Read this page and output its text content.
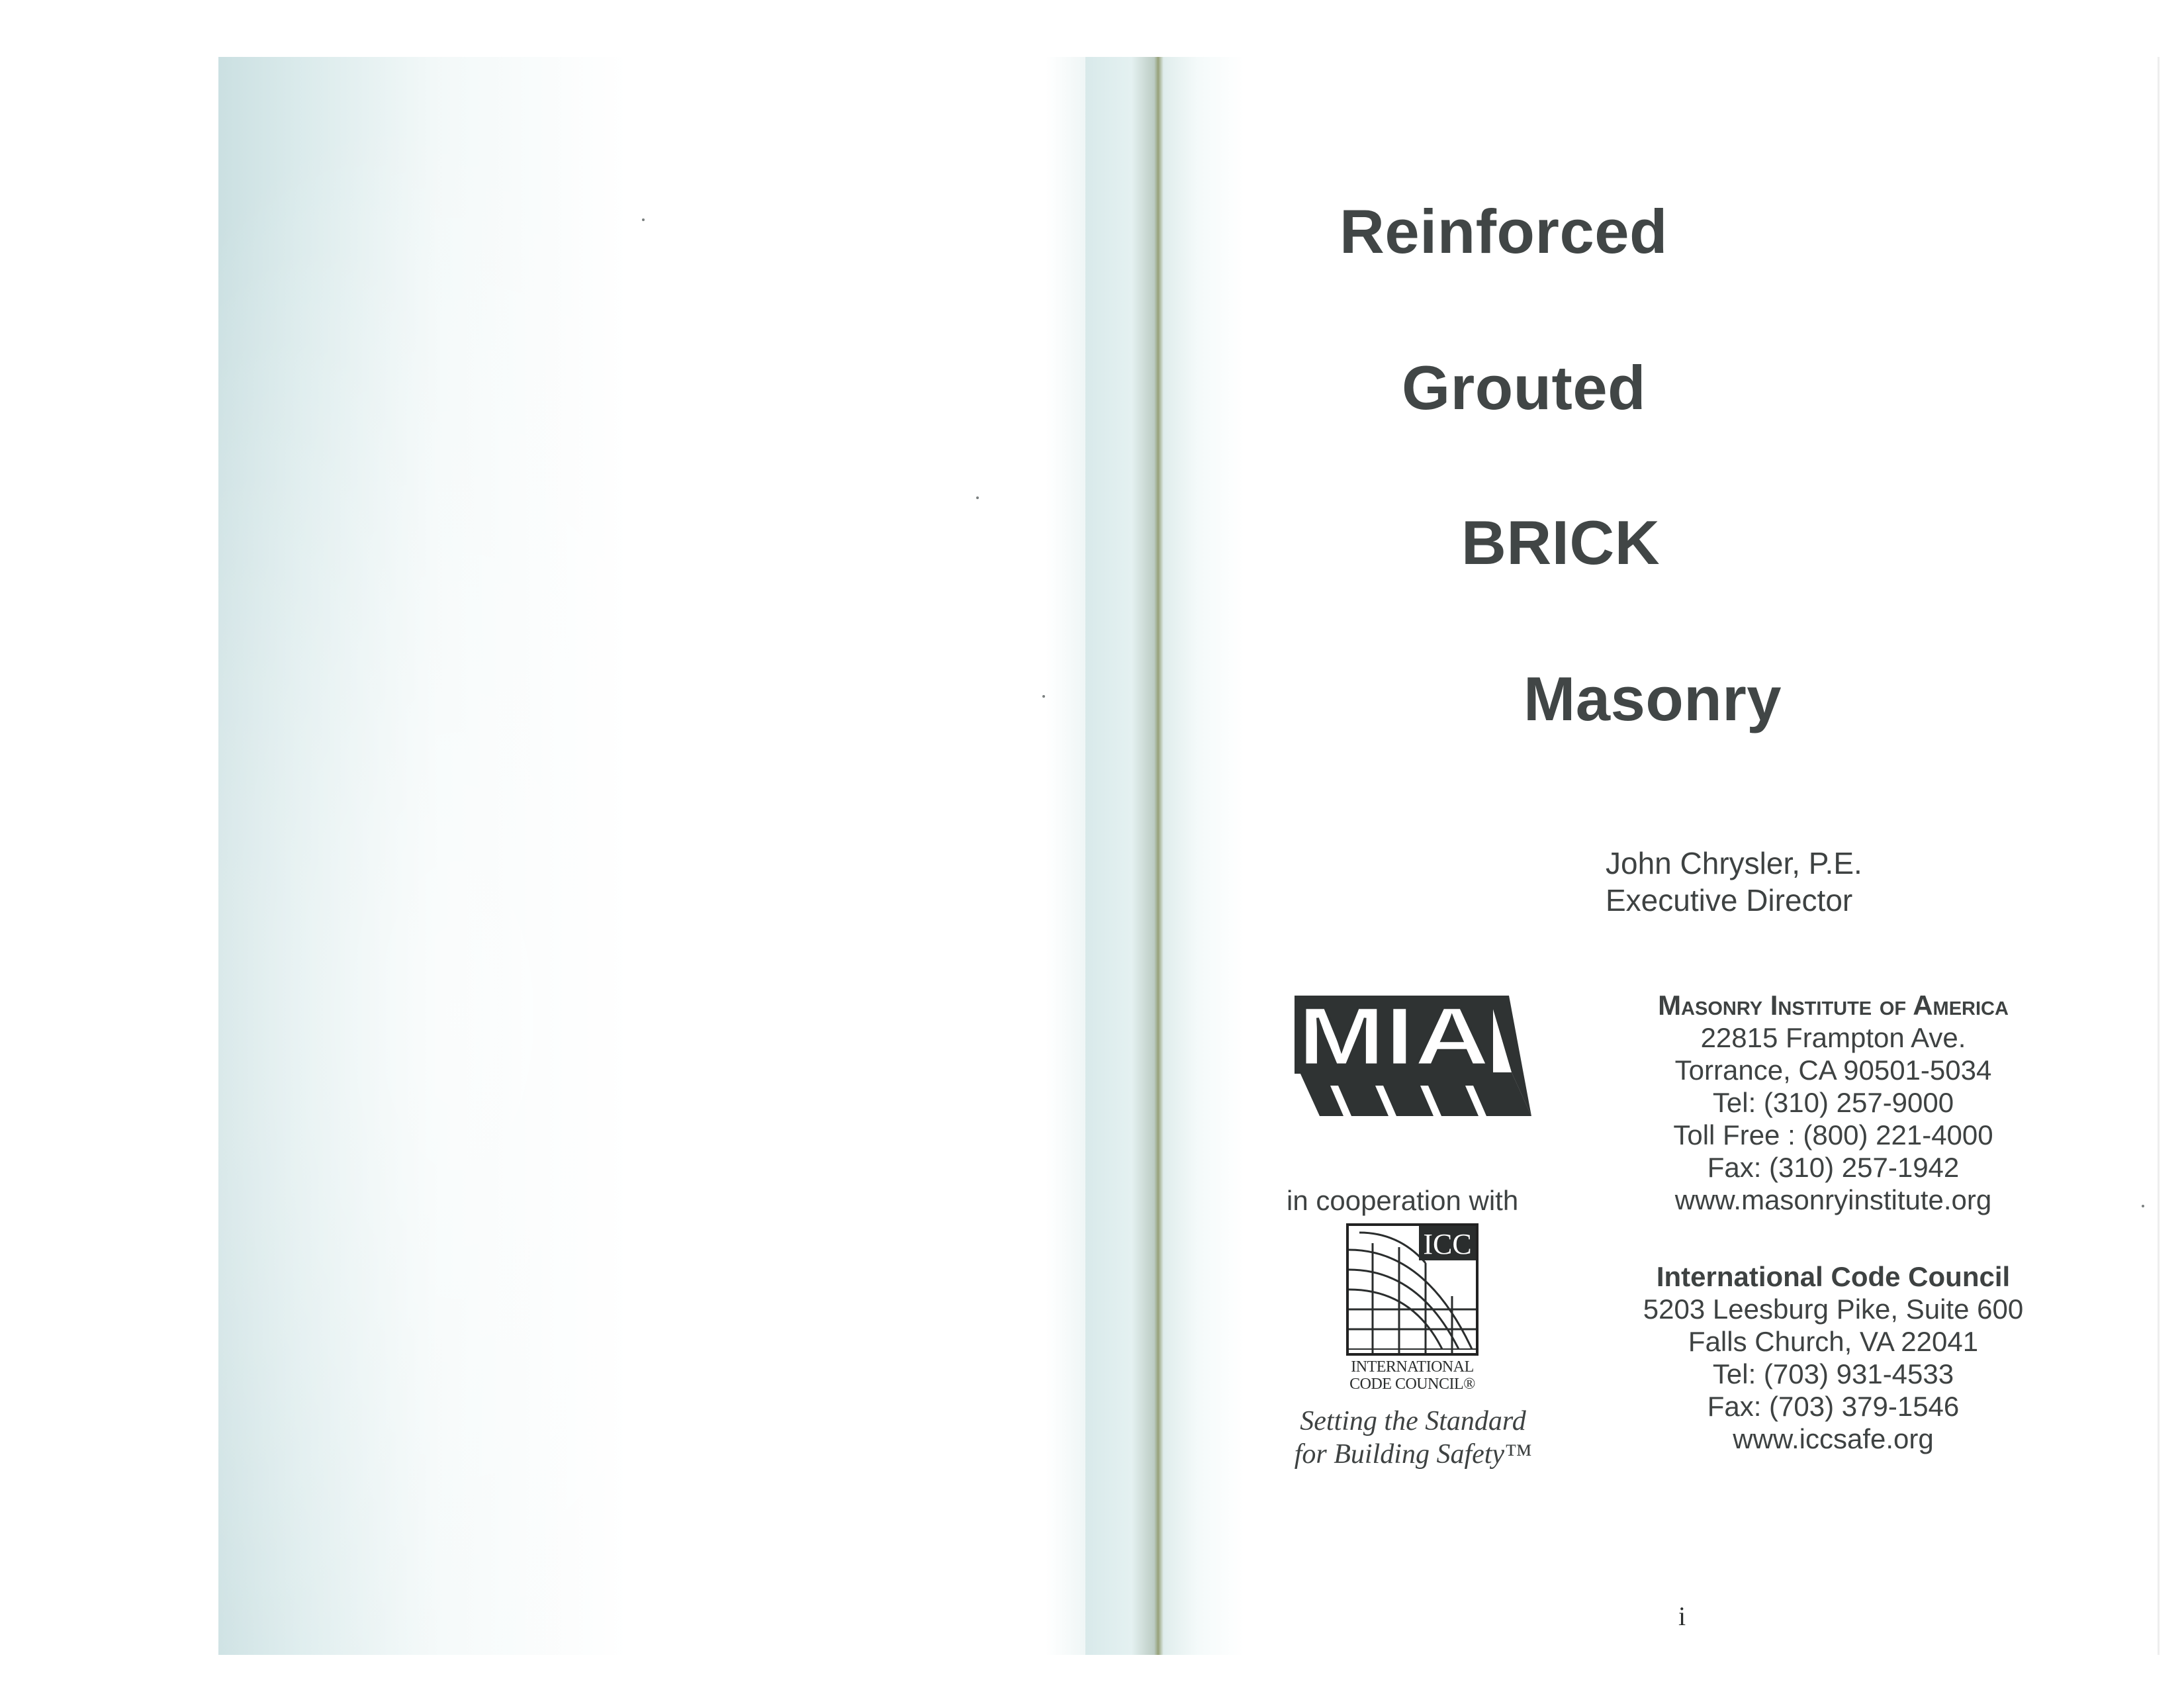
Reinforced
Grouted
BRICK
Masonry
John Chrysler, P.E.
Executive Director
MIA
in cooperation with
ICC
INTERNATIONAL
CODE COUNCIL®
Setting the Standard
for Building Safety™
Masonry Institute of America
22815 Frampton Ave.
Torrance, CA 90501-5034
Tel: (310) 257-9000
Toll Free : (800) 221-4000
Fax: (310) 257-1942
www.masonryinstitute.org
International Code Council
5203 Leesburg Pike, Suite 600
Falls Church, VA 22041
Tel: (703) 931-4533
Fax: (703) 379-1546
www.iccsafe.org
i
